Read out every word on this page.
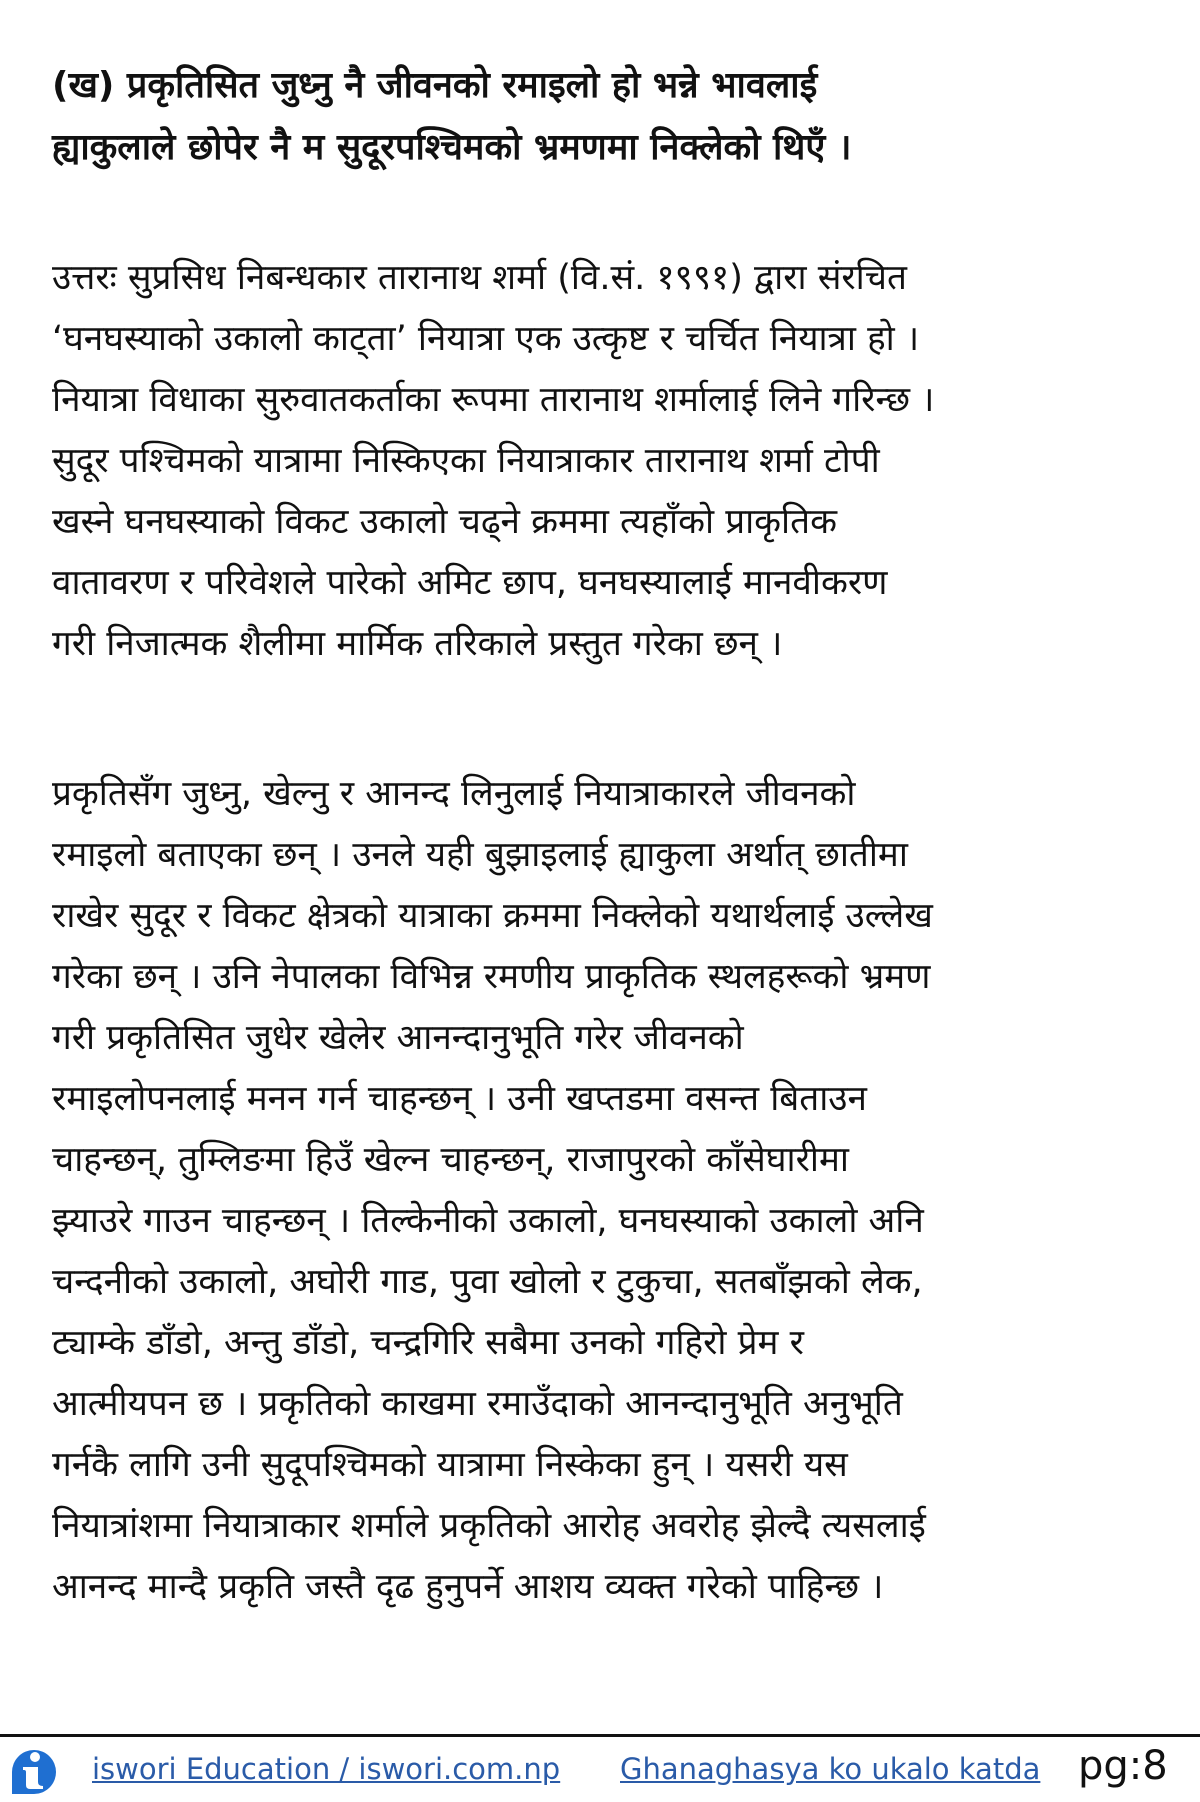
(ख) प्रकृतिसित जुध्नु नै जीवनको रमाइलो हो भन्ने भावलाई
ह्याकुलाले छोपेर नै म सुदूरपश्चिमको भ्रमणमा निक्लेको थिएँ ।

उत्तरः सुप्रसिध निबन्धकार तारानाथ शर्मा (वि.सं. १९९१) द्वारा संरचित
‘घनघस्याको उकालो काट्ता’ नियात्रा एक उत्कृष्ट र चर्चित नियात्रा हो ।
नियात्रा विधाका सुरुवातकर्ताका रूपमा तारानाथ शर्मालाई लिने गरिन्छ ।
सुदूर पश्चिमको यात्रामा निस्किएका नियात्राकार तारानाथ शर्मा टोपी
खस्ने घनघस्याको विकट उकालो चढ्ने क्रममा त्यहाँको प्राकृतिक
वातावरण र परिवेशले पारेको अमिट छाप, घनघस्यालाई मानवीकरण
गरी निजात्मक शैलीमा मार्मिक तरिकाले प्रस्तुत गरेका छन् ।

प्रकृतिसँग जुध्नु, खेल्नु र आनन्द लिनुलाई नियात्राकारले जीवनको
रमाइलो बताएका छन् । उनले यही बुझाइलाई ह्याकुला अर्थात् छातीमा
राखेर सुदूर र विकट क्षेत्रको यात्राका क्रममा निक्लेको यथार्थलाई उल्लेख
गरेका छन् । उनि नेपालका विभिन्न रमणीय प्राकृतिक स्थलहरूको भ्रमण
गरी प्रकृतिसित जुधेर खेलेर आनन्दानुभूति गरेर जीवनको
रमाइलोपनलाई मनन गर्न चाहन्छन् । उनी खप्तडमा वसन्त बिताउन
चाहन्छन्, तुम्लिङमा हिउँ खेल्न चाहन्छन्, राजापुरको काँसेघारीमा
झ्याउरे गाउन चाहन्छन् । तिल्केनीको उकालो, घनघस्याको उकालो अनि
चन्दनीको उकालो, अघोरी गाड, पुवा खोलो र टुकुचा, सतबाँझको लेक,
ट्याम्के डाँडो, अन्तु डाँडो, चन्द्रगिरि सबैमा उनको गहिरो प्रेम र
आत्मीयपन छ । प्रकृतिको काखमा रमाउँदाको आनन्दानुभूति अनुभूति
गर्नकै लागि उनी सुदूपश्चिमको यात्रामा निस्केका हुन् । यसरी यस
नियात्रांशमा नियात्राकार शर्माले प्रकृतिको आरोह अवरोह झेल्दै त्यसलाई
आनन्द मान्दै प्रकृति जस्तै दृढ हुनुपर्ने आशय व्यक्त गरेको पाहिन्छ ।

iswori Education / iswori.com.np Ghanaghasya ko ukalo katda pg:8
